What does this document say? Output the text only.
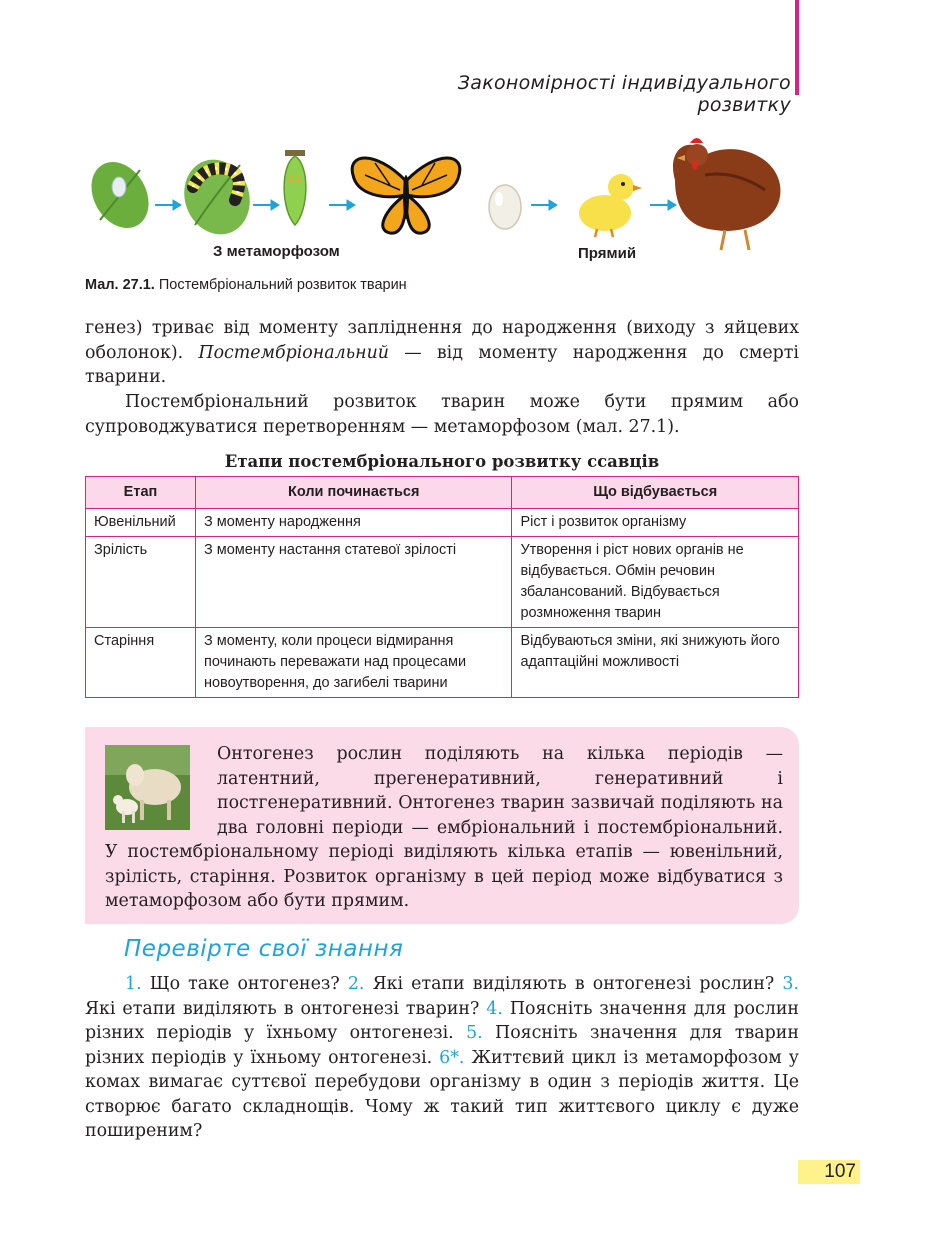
Закономірності індивідуального розвитку
З метаморфозом	Прямий
Мал. 27.1. Постембріональний розвиток тварин

генез) триває від моменту запліднення до народження (виходу з яйцевих оболонок). Постембріональний — від моменту народження до смерті тварини.

Постембріональний розвиток тварин може бути прямим або супроводжуватися перетворенням — метаморфозом (мал. 27.1).

Етапи постембріонального розвитку ссавців
Етап	Коли починається	Що відбувається
Ювенільний	З моменту народження	Ріст і розвиток організму
Зрілість	З моменту настання статевої зрілості	Утворення і ріст нових органів не відбувається. Обмін речовин збалансований. Відбувається розмноження тварин
Старіння	З моменту, коли процеси відмирання починають переважати над процесами новоутворення, до загибелі тварини	Відбуваються зміни, які знижують його адаптаційні можливості

Онтогенез рослин поділяють на кілька періодів — латентний, прегенеративний, генеративний і постгенеративний. Онтогенез тварин зазвичай поділяють на два головні періоди — ембріональний і постембріональний. У постембріональному періоді виділяють кілька етапів — ювенільний, зрілість, старіння. Розвиток організму в цей період може відбуватися з метаморфозом або бути прямим.

Перевірте свої знання

1. Що таке онтогенез? 2. Які етапи виділяють в онтогенезі рослин? 3. Які етапи виділяють в онтогенезі тварин? 4. Поясніть значення для рослин різних періодів у їхньому онтогенезі. 5. Поясніть значення для тварин різних періодів у їхньому онтогенезі. 6*. Життєвий цикл із метаморфозом у комах вимагає суттєвої перебудови організму в один з періодів життя. Це створює багато складнощів. Чому ж такий тип життєвого циклу є дуже поширеним?

107
